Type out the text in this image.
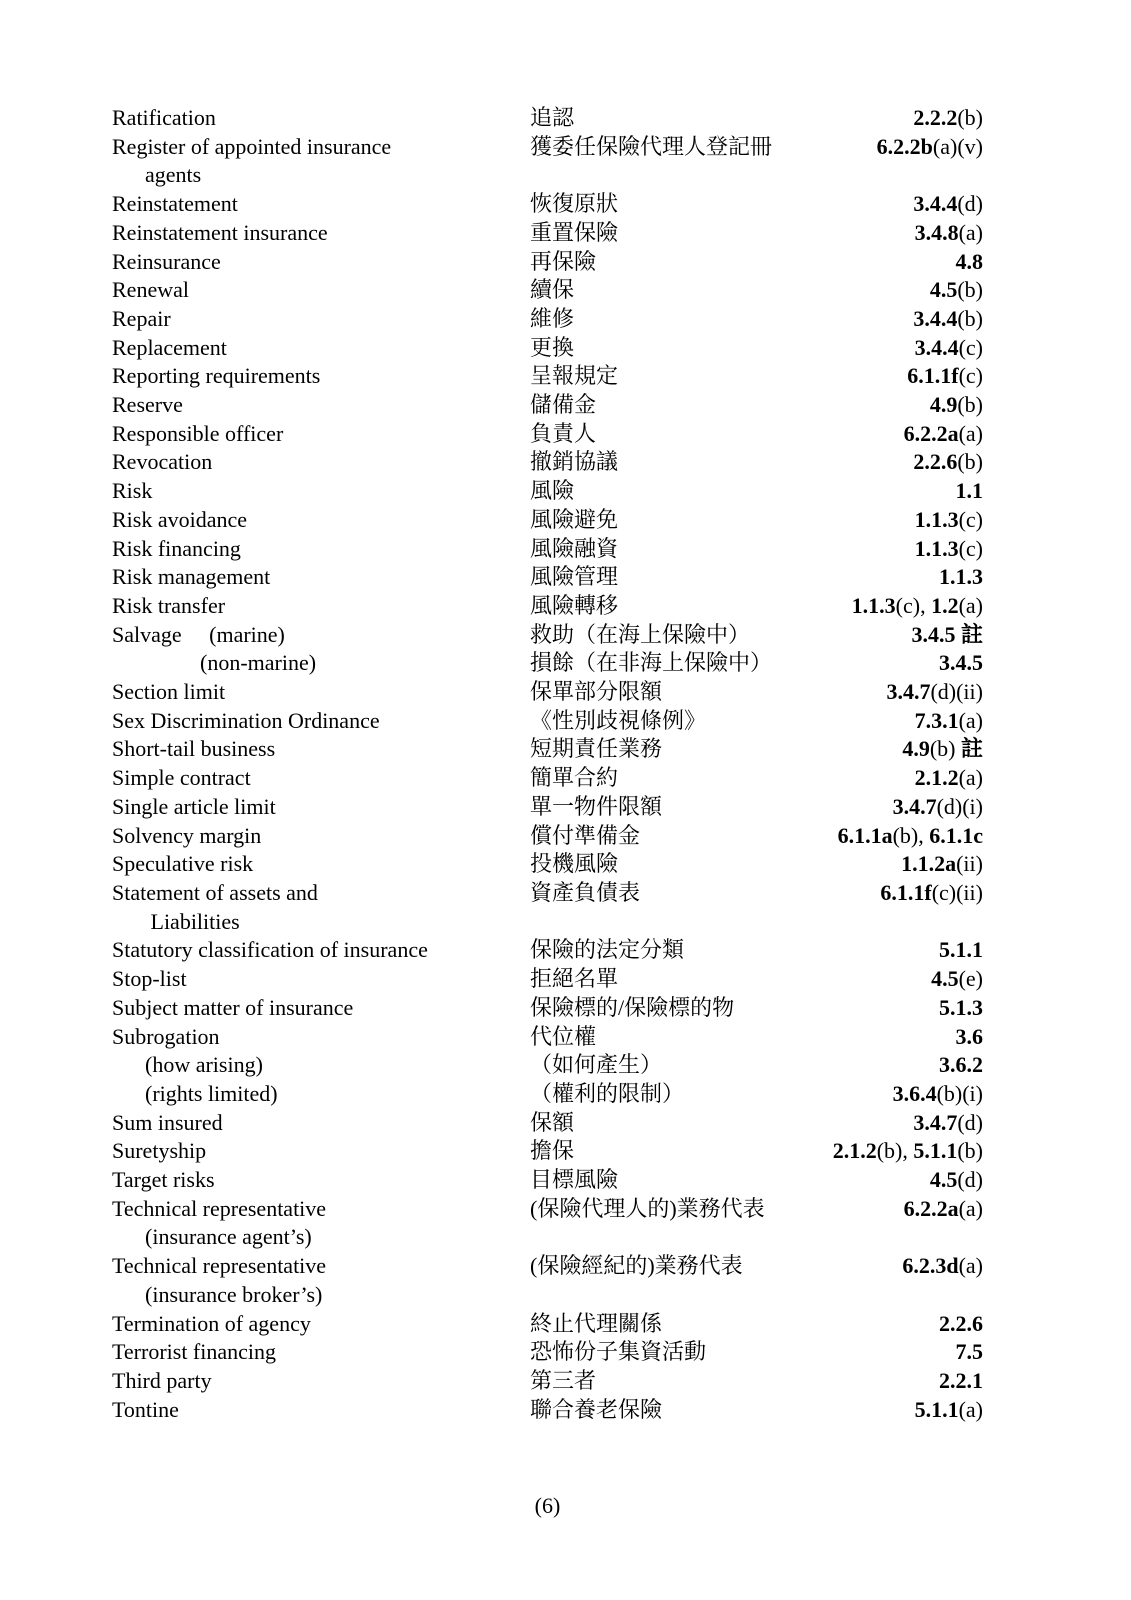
Ratification	追認	2.2.2(b)
Register of appointed insurance	獲委任保險代理人登記冊	6.2.2b(a)(v)
agents
Reinstatement	恢復原狀	3.4.4(d)
Reinstatement insurance	重置保險	3.4.8(a)
Reinsurance	再保險	4.8
Renewal	續保	4.5(b)
Repair	維修	3.4.4(b)
Replacement	更換	3.4.4(c)
Reporting requirements	呈報規定	6.1.1f(c)
Reserve	儲備金	4.9(b)
Responsible officer	負責人	6.2.2a(a)
Revocation	撤銷協議	2.2.6(b)
Risk	風險	1.1
Risk avoidance	風險避免	1.1.3(c)
Risk financing	風險融資	1.1.3(c)
Risk management	風險管理	1.1.3
Risk transfer	風險轉移	1.1.3(c), 1.2(a)
Salvage     (marine)	救助（在海上保險中）	3.4.5 註
(non-marine)	損餘（在非海上保險中）	3.4.5
Section limit	保單部分限額	3.4.7(d)(ii)
Sex Discrimination Ordinance	《性別歧視條例》	7.3.1(a)
Short-tail business	短期責任業務	4.9(b) 註
Simple contract	簡單合約	2.1.2(a)
Single article limit	單一物件限額	3.4.7(d)(i)
Solvency margin	償付準備金	6.1.1a(b), 6.1.1c
Speculative risk	投機風險	1.1.2a(ii)
Statement of assets and	資產負債表	6.1.1f(c)(ii)
Liabilities
Statutory classification of insurance	保險的法定分類	5.1.1
Stop-list	拒絕名單	4.5(e)
Subject matter of insurance	保險標的/保險標的物	5.1.3
Subrogation	代位權	3.6
(how arising)	（如何產生）	3.6.2
(rights limited)	（權利的限制）	3.6.4(b)(i)
Sum insured	保額	3.4.7(d)
Suretyship	擔保	2.1.2(b), 5.1.1(b)
Target risks	目標風險	4.5(d)
Technical representative	(保險代理人的)業務代表	6.2.2a(a)
(insurance agent’s)
Technical representative	(保險經紀的)業務代表	6.2.3d(a)
(insurance broker’s)
Termination of agency	終止代理關係	2.2.6
Terrorist financing	恐怖份子集資活動	7.5
Third party	第三者	2.2.1
Tontine	聯合養老保險	5.1.1(a)
(6)
